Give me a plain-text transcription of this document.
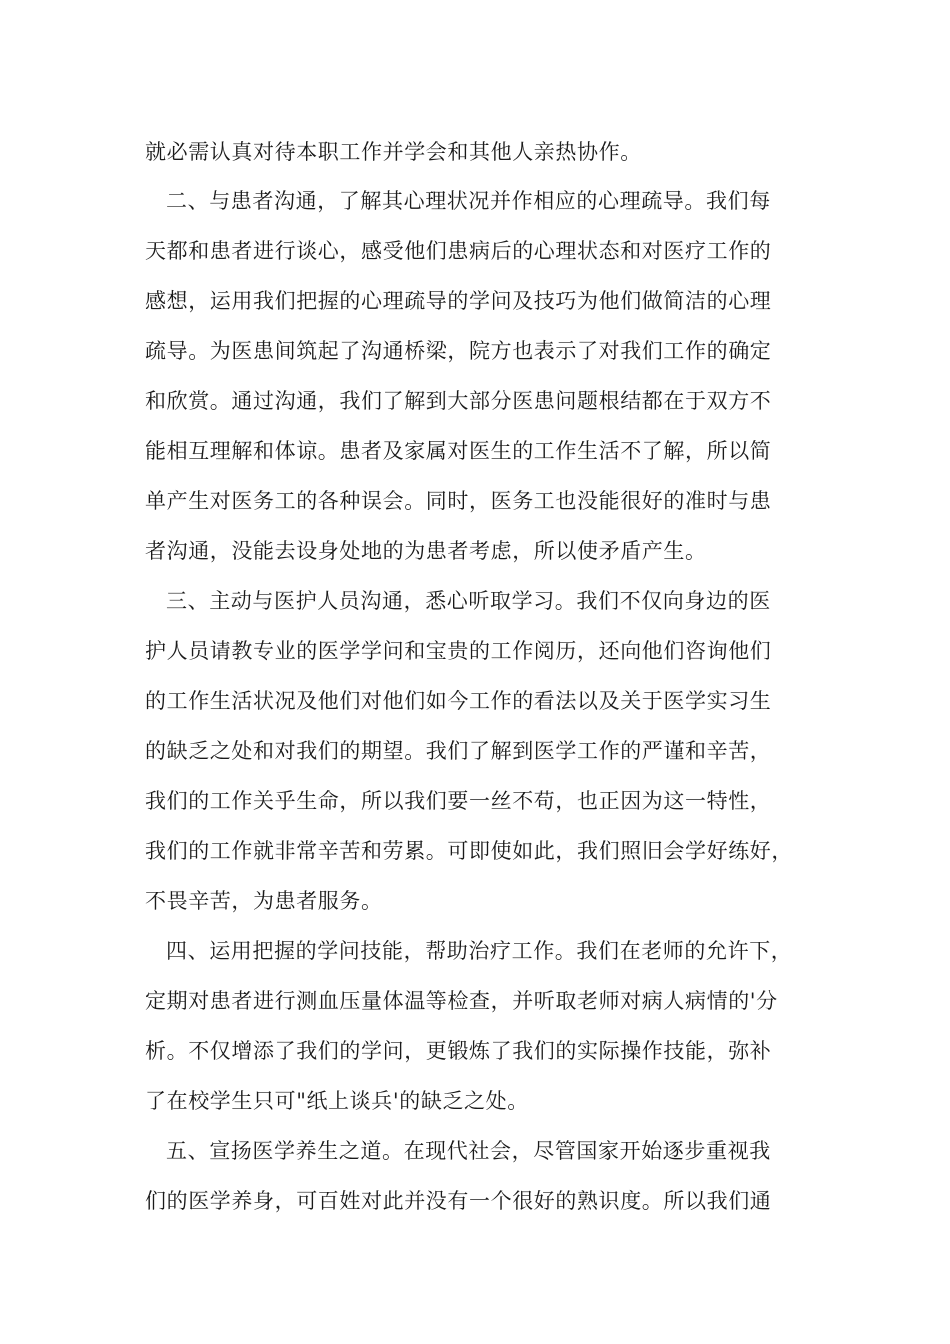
就必需认真对待本职工作并学会和其他人亲热协作。

二、与患者沟通，了解其心理状况并作相应的心理疏导。我们每

天都和患者进行谈心，感受他们患病后的心理状态和对医疗工作的

感想，运用我们把握的心理疏导的学问及技巧为他们做简洁的心理

疏导。为医患间筑起了沟通桥梁，院方也表示了对我们工作的确定

和欣赏。通过沟通，我们了解到大部分医患问题根结都在于双方不

能相互理解和体谅。患者及家属对医生的工作生活不了解，所以简

单产生对医务工的各种误会。同时，医务工也没能很好的准时与患

者沟通，没能去设身处地的为患者考虑，所以使矛盾产生。

三、主动与医护人员沟通，悉心听取学习。我们不仅向身边的医

护人员请教专业的医学学问和宝贵的工作阅历，还向他们咨询他们

的工作生活状况及他们对他们如今工作的看法以及关于医学实习生

的缺乏之处和对我们的期望。我们了解到医学工作的严谨和辛苦，

我们的工作关乎生命，所以我们要一丝不苟，也正因为这一特性，

我们的工作就非常辛苦和劳累。可即使如此，我们照旧会学好练好，

不畏辛苦，为患者服务。

四、运用把握的学问技能，帮助治疗工作。我们在老师的允许下，

定期对患者进行测血压量体温等检查，并听取老师对病人病情的'分

析。不仅增添了我们的学问，更锻炼了我们的实际操作技能，弥补

了在校学生只可"纸上谈兵'的缺乏之处。

五、宣扬医学养生之道。在现代社会，尽管国家开始逐步重视我

们的医学养身，可百姓对此并没有一个很好的熟识度。所以我们通
